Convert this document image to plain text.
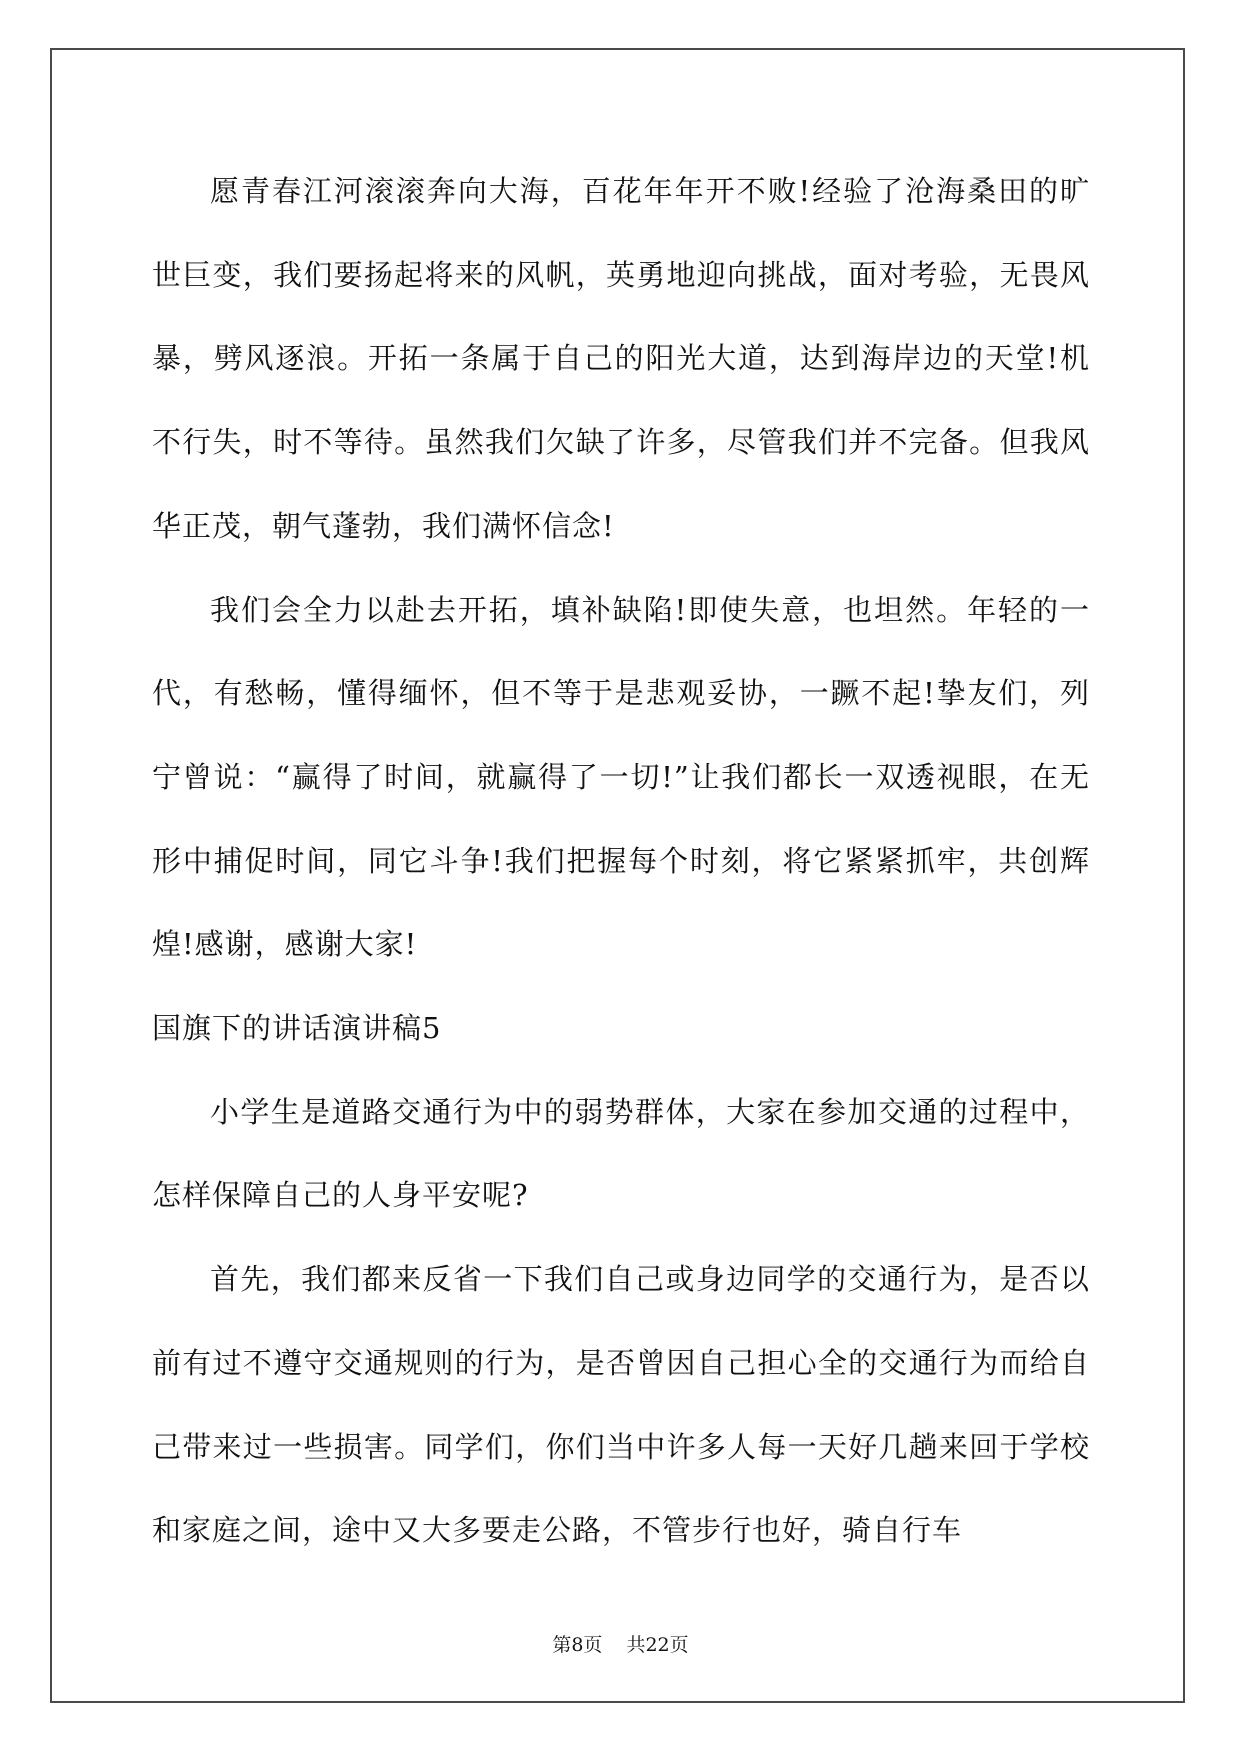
愿青春江河滚滚奔向大海，百花年年开不败!经验了沧海桑田的旷世巨变，我们要扬起将来的风帆，英勇地迎向挑战，面对考验，无畏风暴，劈风逐浪。开拓一条属于自己的阳光大道，达到海岸边的天堂!机不行失，时不等待。虽然我们欠缺了许多，尽管我们并不完备。但我风华正茂，朝气蓬勃，我们满怀信念!

我们会全力以赴去开拓，填补缺陷!即使失意，也坦然。年轻的一代，有愁畅，懂得缅怀，但不等于是悲观妥协，一蹶不起!挚友们，列宁曾说：“赢得了时间，就赢得了一切!”让我们都长一双透视眼，在无形中捕促时间，同它斗争!我们把握每个时刻，将它紧紧抓牢，共创辉煌!感谢，感谢大家!

国旗下的讲话演讲稿5

小学生是道路交通行为中的弱势群体，大家在参加交通的过程中，怎样保障自己的人身平安呢?

首先，我们都来反省一下我们自己或身边同学的交通行为，是否以前有过不遵守交通规则的行为，是否曾因自己担心全的交通行为而给自己带来过一些损害。同学们，你们当中许多人每一天好几趟来回于学校和家庭之间，途中又大多要走公路，不管步行也好，骑自行车

第8页 共22页
